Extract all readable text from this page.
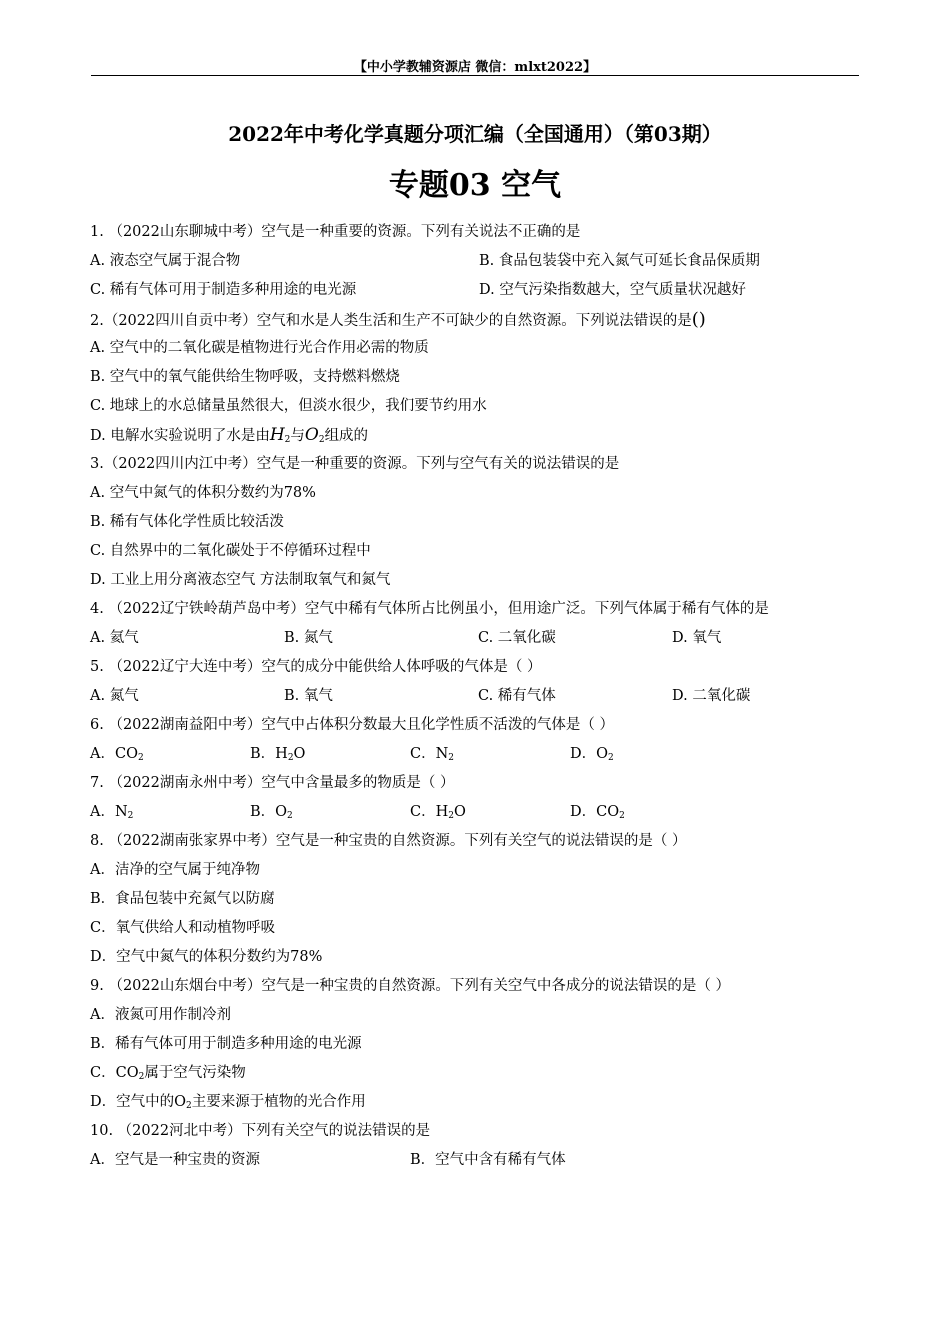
【中小学教辅资源店 微信：mlxt2022】
2022年中考化学真题分项汇编（全国通用）（第03期）
专题03 空气
1. （2022山东聊城中考）空气是一种重要的资源。下列有关说法不正确的是
A. 液态空气属于混合物	B. 食品包装袋中充入氮气可延长食品保质期
C. 稀有气体可用于制造多种用途的电光源	D. 空气污染指数越大，空气质量状况越好
2.（2022四川自贡中考）空气和水是人类生活和生产不可缺少的自然资源。下列说法错误的是()
A. 空气中的二氧化碳是植物进行光合作用必需的物质
B. 空气中的氧气能供给生物呼吸，支持燃料燃烧
C. 地球上的水总储量虽然很大，但淡水很少，我们要节约用水
D. 电解水实验说明了水是由$H_2$与$O_2$组成的
3.（2022四川内江中考）空气是一种重要的资源。下列与空气有关的说法错误的是
A. 空气中氮气的体积分数约为78%
B. 稀有气体化学性质比较活泼
C. 自然界中的二氧化碳处于不停循环过程中
D. 工业上用分离液态空气 方法制取氧气和氮气
4. （2022辽宁铁岭葫芦岛中考）空气中稀有气体所占比例虽小，但用途广泛。下列气体属于稀有气体的是
A. 氦气	B. 氮气	C. 二氧化碳	D. 氧气
5. （2022辽宁大连中考）空气的成分中能供给人体呼吸的气体是（ ）
A. 氮气	B. 氧气	C. 稀有气体	D. 二氧化碳
6. （2022湖南益阳中考）空气中占体积分数最大且化学性质不活泼的气体是（ ）
A．$CO_2$	B．$H_2O$	C．$N_2$	D．$O_2$
7. （2022湖南永州中考）空气中含量最多的物质是（ ）
A．$N_2$	B．$O_2$	C．$H_2O$	D．$CO_2$
8. （2022湖南张家界中考）空气是一种宝贵的自然资源。下列有关空气的说法错误的是（ ）
A．洁净的空气属于纯净物
B．食品包装中充氮气以防腐
C．氧气供给人和动植物呼吸
D．空气中氮气的体积分数约为78%
9. （2022山东烟台中考）空气是一种宝贵的自然资源。下列有关空气中各成分的说法错误的是（ ）
A．液氮可用作制冷剂
B．稀有气体可用于制造多种用途的电光源
C．$CO_2$属于空气污染物
D．空气中的$O_2$主要来源于植物的光合作用
10. （2022河北中考）下列有关空气的说法错误的是
A．空气是一种宝贵的资源	B．空气中含有稀有气体
